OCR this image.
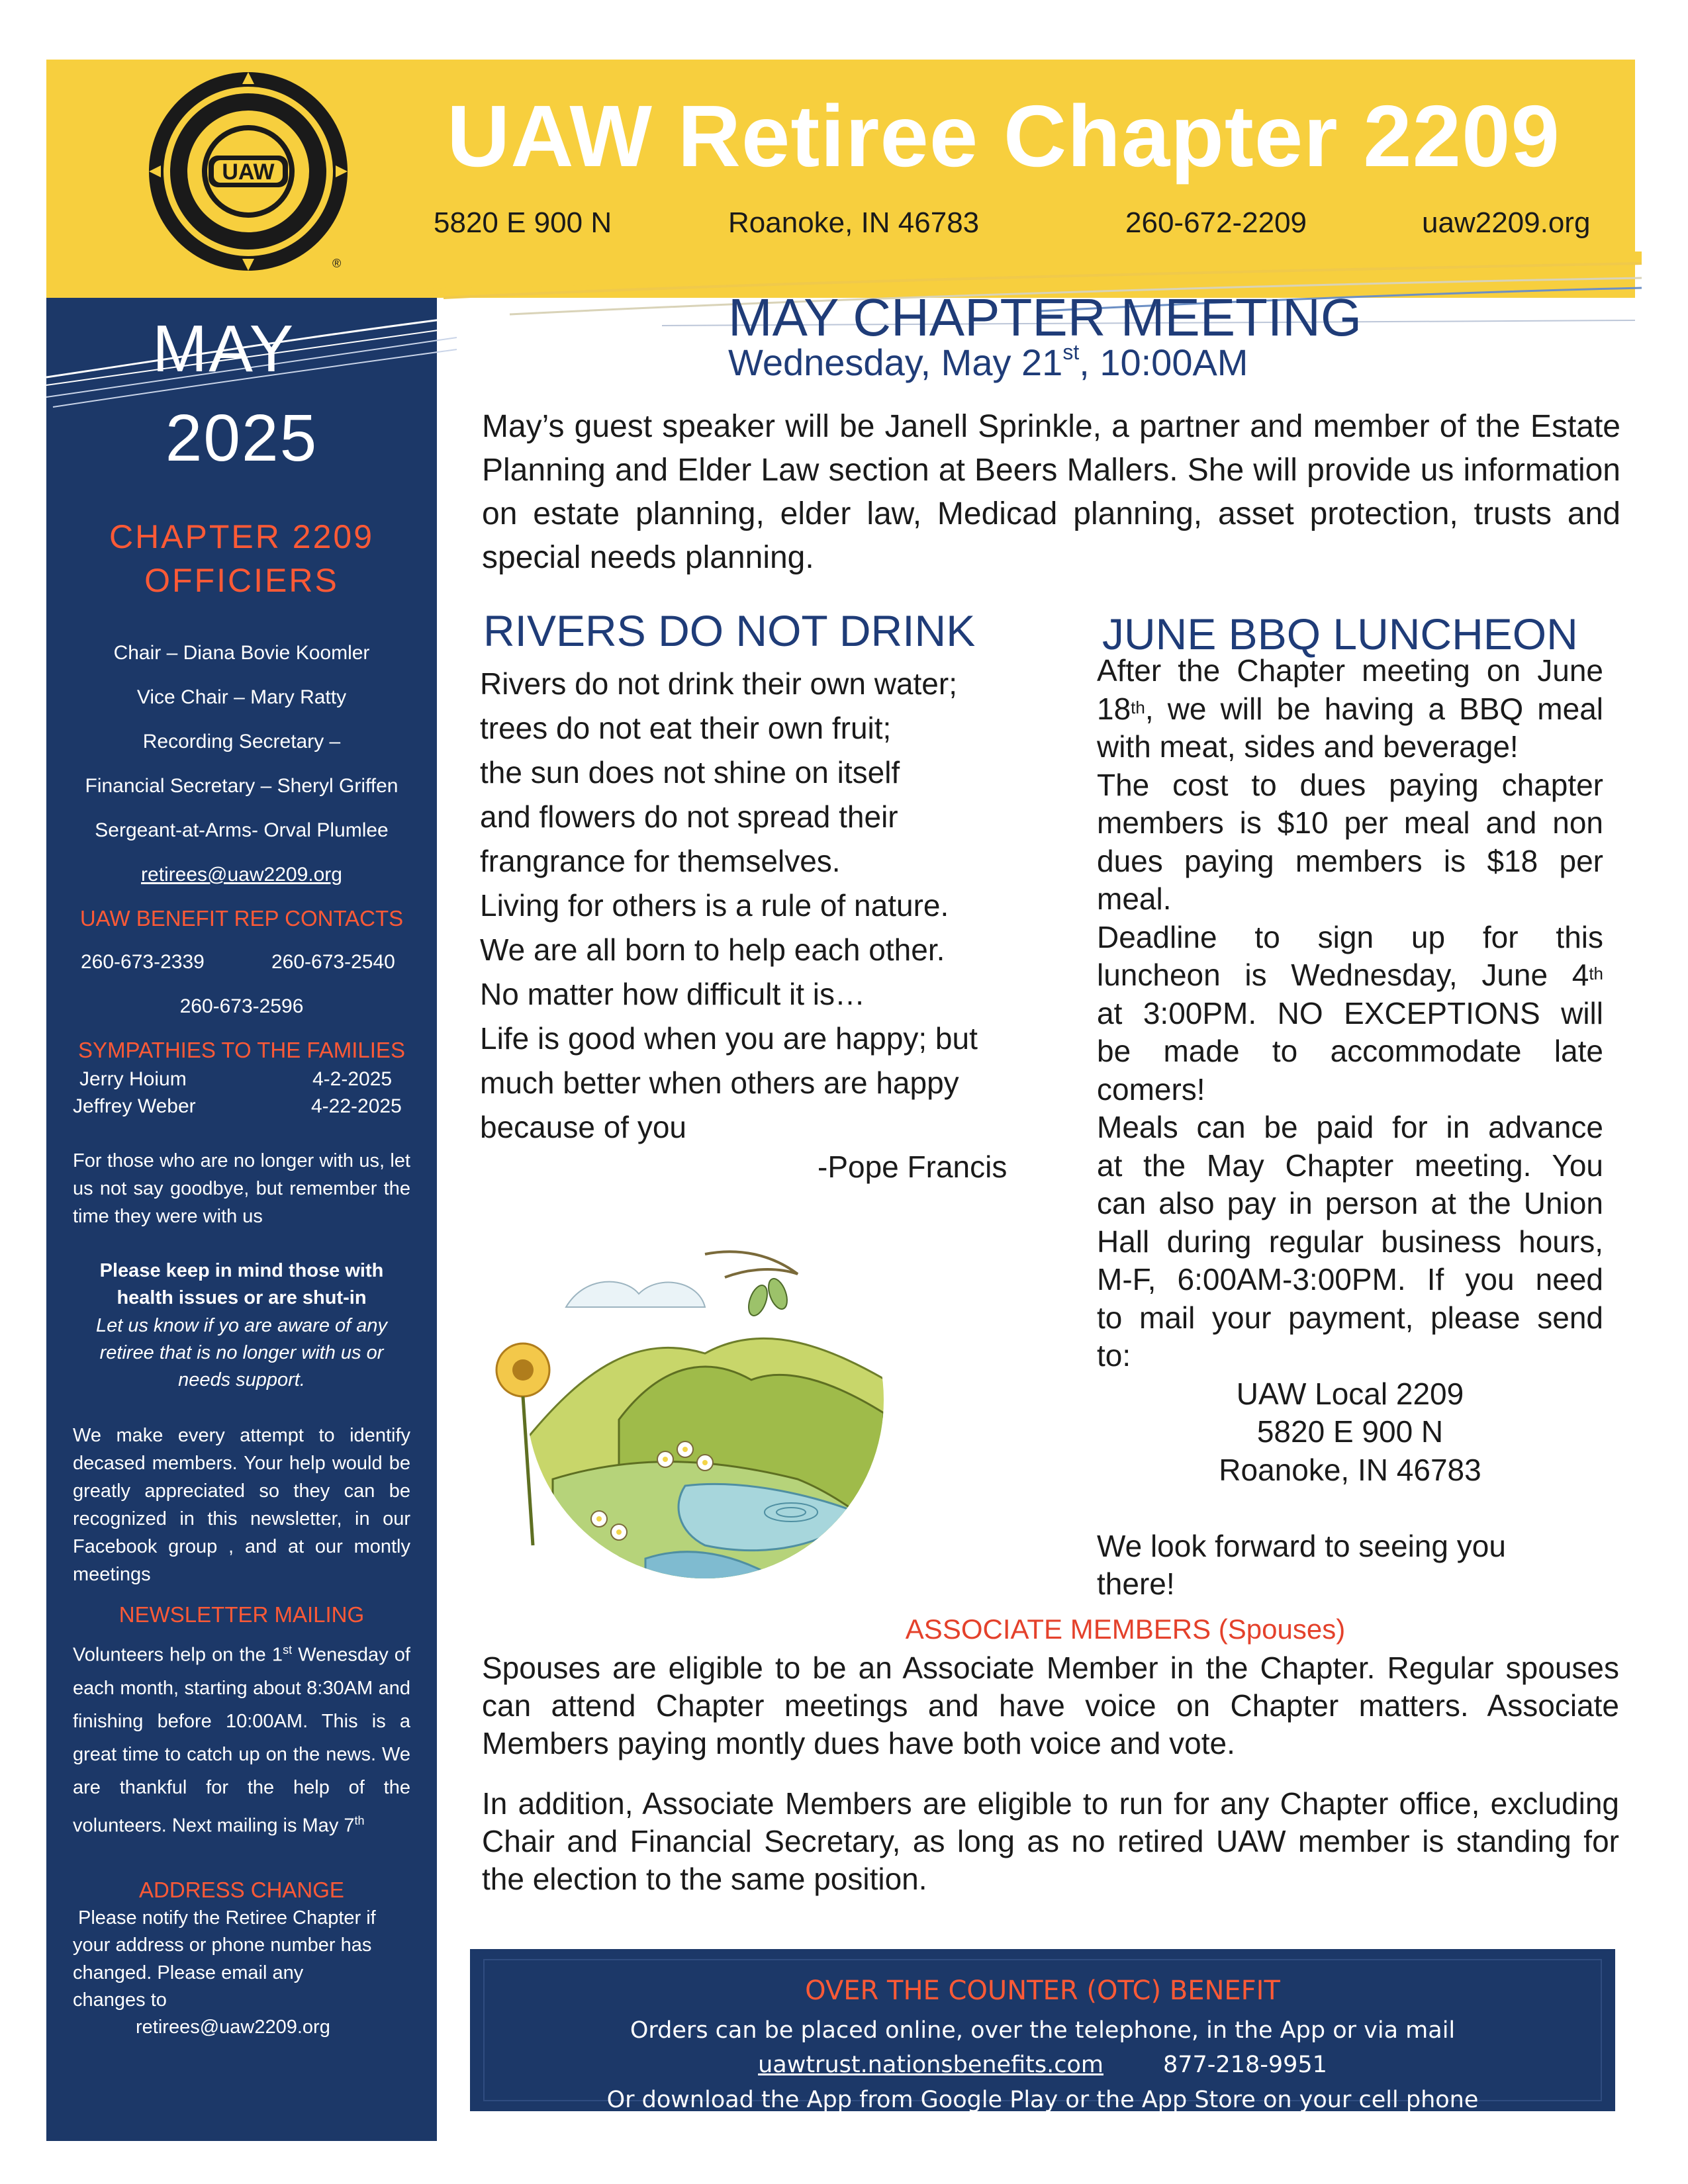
UAW
®
UAW Retiree Chapter 2209
5820 E 900 N	Roanoke, IN 46783	260-672-2209	uaw2209.org
MAY
2025
CHAPTER 2209
OFFICIERS
Chair – Diana Bovie Koomler
Vice Chair – Mary Ratty
Recording Secretary –
Financial Secretary – Sheryl Griffen
Sergeant-at-Arms- Orval Plumlee
retirees@uaw2209.org
UAW BENEFIT REP CONTACTS
260-673-2339	260-673-2540
260-673-2596
SYMPATHIES TO THE FAMILIES
Jerry Hoium	4-2-2025
Jeffrey Weber	4-22-2025
For those who are no longer with us, let us not say goodbye, but remember the time they were with us
Please keep in mind those with
health issues or are shut-in
Let us know if yo are aware of any
retiree that is no longer with us or
needs support.
We make every attempt to identify decased members. Your help would be greatly appreciated so they can be recognized in this newsletter, in our Facebook group , and at our montly meetings
NEWSLETTER MAILING
Volunteers help on the 1st Wenesday of each month, starting about 8:30AM and finishing before 10:00AM. This is a great time to catch up on the news. We are thankful for the help of the volunteers. Next mailing is May 7th
ADDRESS CHANGE
Please notify the Retiree Chapter if
your address or phone number has
changed. Please email any
changes to
retirees@uaw2209.org
MAY CHAPTER MEETING
Wednesday, May 21st, 10:00AM
May’s guest speaker will be Janell Sprinkle, a partner and member of the Estate Planning and Elder Law section at Beers Mallers. She will provide us information on estate planning, elder law, Medicad planning, asset protection, trusts and special needs planning.
RIVERS DO NOT DRINK
Rivers do not drink their own water;
trees do not eat their own fruit;
the sun does not shine on itself
and flowers do not spread their
frangrance for themselves.
Living for others is a rule of nature.
We are all born to help each other.
No matter how difficult it is…
Life is good when you are happy; but
much better when others are happy
because of you
-Pope Francis
JUNE BBQ LUNCHEON
After the Chapter meeting on June
18th, we will be having a BBQ meal
with meat, sides and beverage!
The cost to dues paying chapter
members is $10 per meal and non
dues paying members is $18 per
meal.
Deadline to sign up for this
luncheon is Wednesday, June 4th
at 3:00PM. NO EXCEPTIONS will
be made to accommodate late
comers!
Meals can be paid for in advance
at the May Chapter meeting. You
can also pay in person at the Union
Hall during regular business hours,
M-F, 6:00AM-3:00PM. If you need
to mail your payment, please send
to:
UAW Local 2209
5820 E 900 N
Roanoke, IN 46783
We look forward to seeing you
there!
ASSOCIATE MEMBERS (Spouses)
Spouses are eligible to be an Associate Member in the Chapter. Regular spouses can attend Chapter meetings and have voice on Chapter matters. Associate Members paying montly dues have both voice and vote.
In addition, Associate Members are eligible to run for any Chapter office, excluding Chair and Financial Secretary, as long as no retired UAW member is standing for the election to the same position.
OVER THE COUNTER (OTC) BENEFIT
Orders can be placed online, over the telephone, in the App or via mail
uawtrust.nationsbenefits.com	877-218-9951
Or download the App from Google Play or the App Store on your cell phone
